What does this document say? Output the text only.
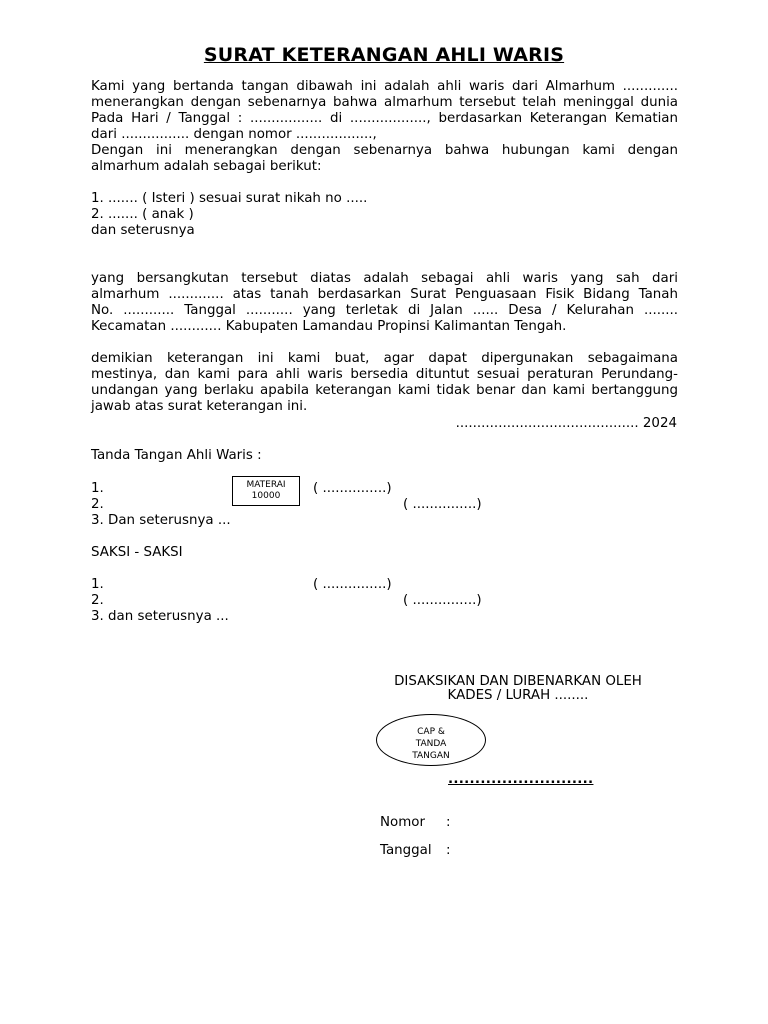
SURAT KETERANGAN AHLI WARIS

Kami yang bertanda tangan dibawah ini adalah ahli waris dari Almarhum .............

menerangkan dengan sebenarnya bahwa almarhum tersebut telah meninggal dunia

Pada Hari / Tanggal : ................. di .................., berdasarkan Keterangan Kematian

dari ................ dengan nomor ..................,

Dengan ini menerangkan dengan sebenarnya bahwa hubungan kami dengan

almarhum adalah sebagai berikut:

1. ....... ( Isteri ) sesuai surat nikah no .....

2. ....... ( anak )

dan seterusnya

yang bersangkutan tersebut diatas adalah sebagai ahli waris yang sah dari

almarhum ............. atas tanah berdasarkan Surat Penguasaan Fisik Bidang Tanah

No. ............ Tanggal ........... yang terletak di Jalan ...... Desa / Kelurahan ........

Kecamatan ............ Kabupaten Lamandau Propinsi Kalimantan Tengah.

demikian keterangan ini kami buat, agar dapat dipergunakan sebagaimana

mestinya, dan kami para ahli waris bersedia dituntut sesuai peraturan Perundang-

undangan yang berlaku apabila keterangan kami tidak benar dan kami bertanggung

jawab atas surat keterangan ini.

........................................... 2024
Tanda Tangan Ahli Waris :
1.
2.
3. Dan seterusnya ...
( ...............)
( ...............)
MATERAI
10000
SAKSI - SAKSI
1.
2.
3. dan seterusnya ...
( ...............)
( ...............)
DISAKSIKAN DAN DIBENARKAN OLEH
KADES / LURAH ........
CAP &
TANDA
TANGAN
...........................
Nomor :
Tanggal :
